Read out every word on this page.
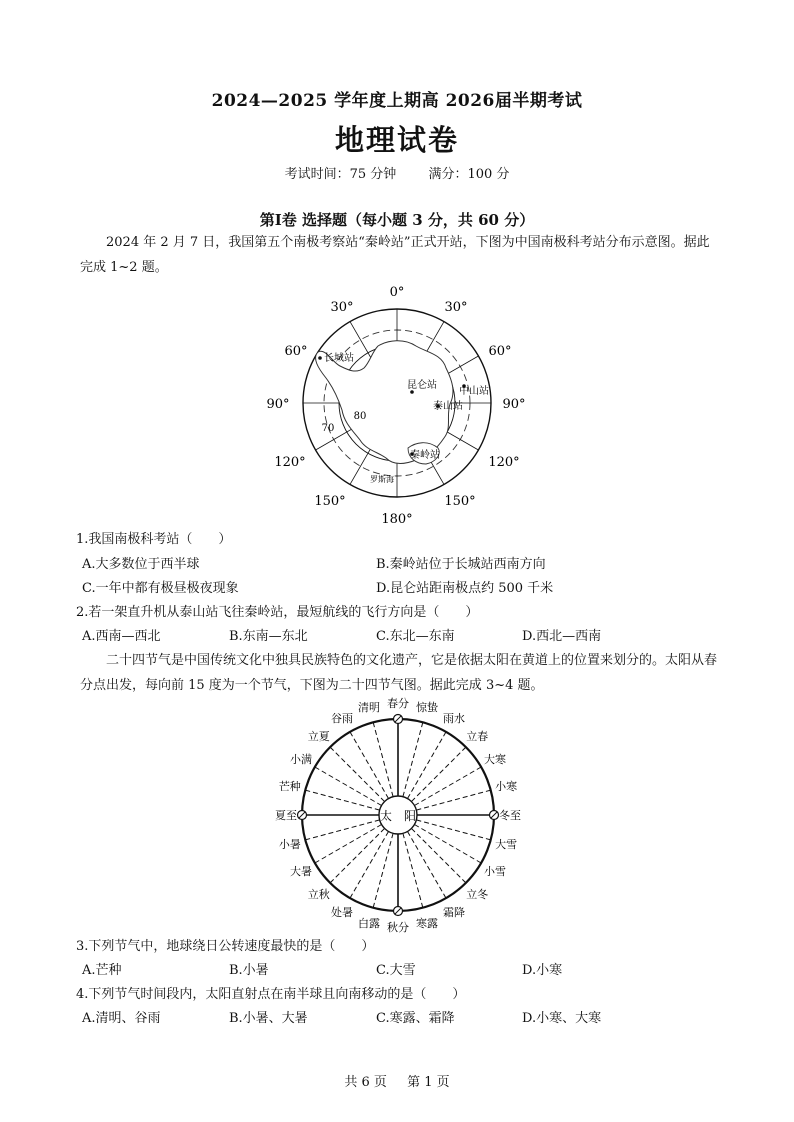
2024—2025 学年度上期高 2026届半期考试
地理试卷
考试时间：75 分钟 满分：100 分
第Ⅰ卷 选择题（每小题 3 分，共 60 分）
2024 年 2 月 7 日，我国第五个南极考察站“秦岭站”正式开站，下图为中国南极科考站分布示意图。据此完成 1~2 题。
0°
30°	30°
60°	60°
90°	90°
120°	120°
150°	150°
180°
80
70
罗斯海
长城站
昆仑站
中山站
泰山站
秦岭站
1.我国南极科考站（　　）
A.大多数位于西半球	B.秦岭站位于长城站西南方向
C.一年中都有极昼极夜现象	D.昆仑站距南极点约 500 千米
2.若一架直升机从泰山站飞往秦岭站，最短航线的飞行方向是（　　）
A.西南—西北	B.东南—东北	C.东北—东南	D.西北—西南
二十四节气是中国传统文化中独具民族特色的文化遗产，它是依据太阳在黄道上的位置来划分的。太阳从春分点出发，每向前 15 度为一个节气，下图为二十四节气图。据此完成 3~4 题。
太　阳
春分 惊蛰
雨水
立春
大寒
小寒
冬至
大雪
小雪
立冬
霜降
寒露
秋分
白露
处暑
立秋
大暑
小暑
夏至
芒种
小满
立夏
谷雨
清明
3.下列节气中，地球绕日公转速度最快的是（　　）
A.芒种	B.小暑	C.大雪	D.小寒
4.下列节气时间段内，太阳直射点在南半球且向南移动的是（　　）
A.清明、谷雨	B.小暑、大暑	C.寒露、霜降	D.小寒、大寒
共 6 页 第 1 页
